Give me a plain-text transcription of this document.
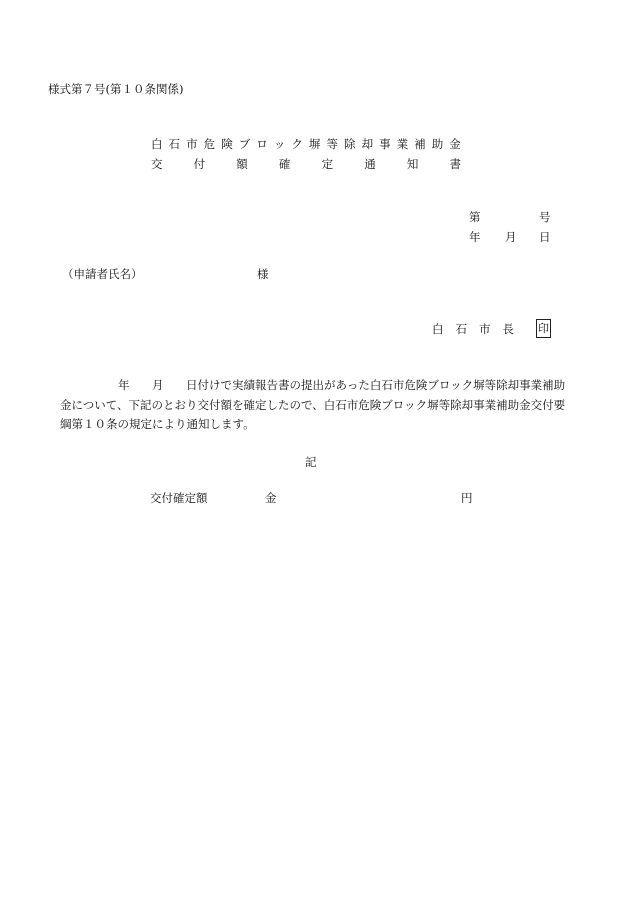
様式第７号(第１０条関係)
白 石 市 危 険 ブ ロ ッ ク 塀 等 除 却 事 業 補 助 金
交	付	額	確	定	通	知	書
第	号
年 月 日
（申請者氏名）	様
白 石 市 長 印
年 月 日付けで実績報告書の提出があった白石市危険ブロック塀等除却事業補助
金について、下記のとおり交付額を確定したので、白石市危険ブロック塀等除却事業補助金交付要
綱第１０条の規定により通知します。
記
交付確定額	金	円
